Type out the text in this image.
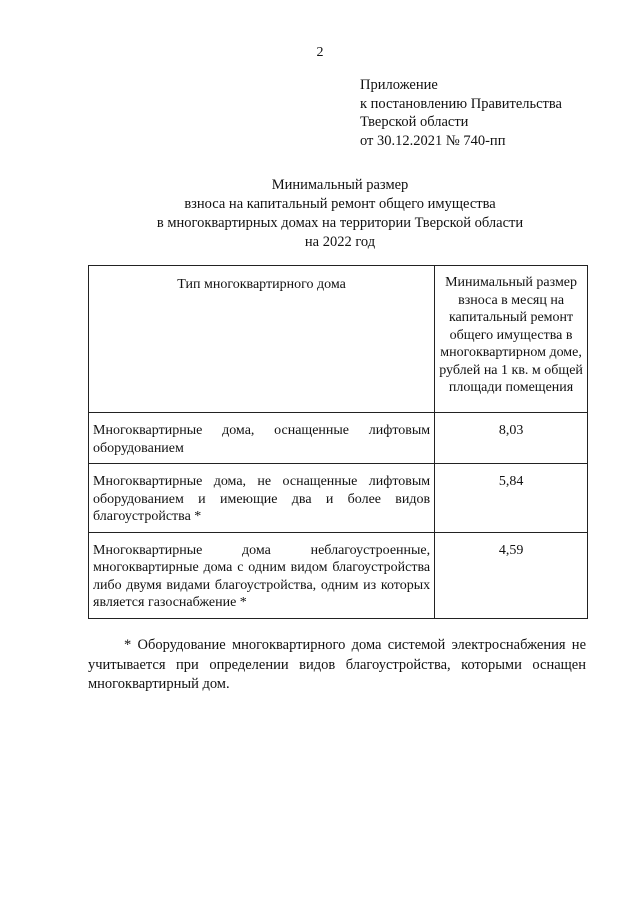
2
Приложение
к постановлению Правительства
Тверской области
от 30.12.2021 № 740-пп
Минимальный размер
взноса на капитальный ремонт общего имущества
в многоквартирных домах на территории Тверской области
на 2022 год
Тип многоквартирного дома	Минимальный размер взноса в месяц на капитальный ремонт общего имущества в многоквартирном доме, рублей на 1 кв. м общей площади помещения
Многоквартирные дома, оснащенные лифтовым оборудованием	8,03
Многоквартирные дома, не оснащенные лифтовым оборудованием и имеющие два и более видов благоустройства *	5,84
Многоквартирные дома неблагоустроенные, многоквартирные дома с одним видом благоустройства либо двумя видами благоустройства, одним из которых является газоснабжение *	4,59
* Оборудование многоквартирного дома системой электроснабжения не учитывается при определении видов благоустройства, которыми оснащен многоквартирный дом.
